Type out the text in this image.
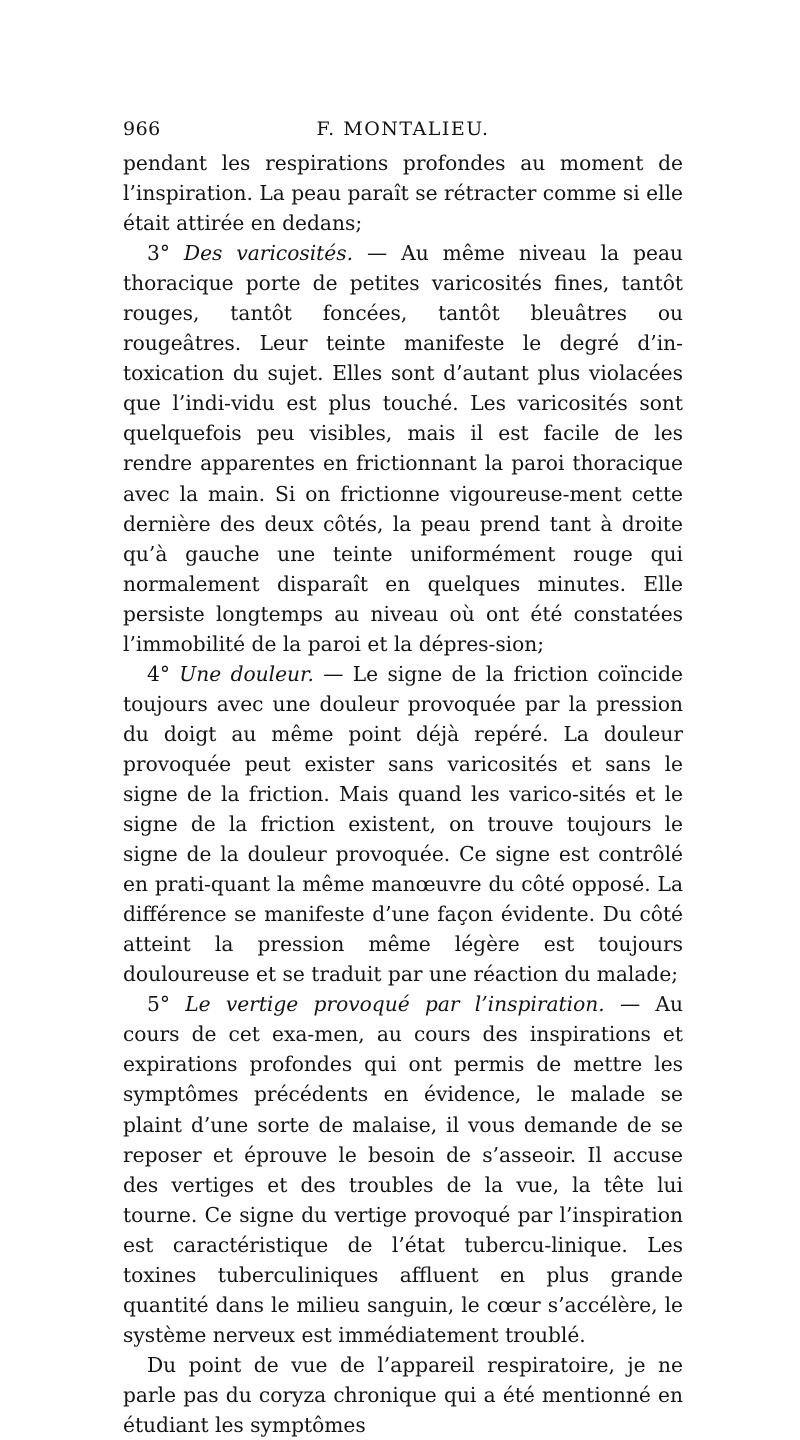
966	F. MONTALIEU.

pendant les respirations profondes au moment de l’inspiration. La peau paraît se rétracter comme si elle était attirée en dedans;

3° Des varicosités. — Au même niveau la peau thoracique porte de petites varicosités fines, tantôt rouges, tantôt foncées, tantôt bleuâtres ou rougeâtres. Leur teinte manifeste le degré d’in-toxication du sujet. Elles sont d’autant plus violacées que l’indi-vidu est plus touché. Les varicosités sont quelquefois peu visibles, mais il est facile de les rendre apparentes en frictionnant la paroi thoracique avec la main. Si on frictionne vigoureuse-ment cette dernière des deux côtés, la peau prend tant à droite qu’à gauche une teinte uniformément rouge qui normalement disparaît en quelques minutes. Elle persiste longtemps au niveau où ont été constatées l’immobilité de la paroi et la dépres-sion;

4° Une douleur. — Le signe de la friction coïncide toujours avec une douleur provoquée par la pression du doigt au même point déjà repéré. La douleur provoquée peut exister sans varicosités et sans le signe de la friction. Mais quand les varico-sités et le signe de la friction existent, on trouve toujours le signe de la douleur provoquée. Ce signe est contrôlé en prati-quant la même manœuvre du côté opposé. La différence se manifeste d’une façon évidente. Du côté atteint la pression même légère est toujours douloureuse et se traduit par une réaction du malade;

5° Le vertige provoqué par l’inspiration. — Au cours de cet exa-men, au cours des inspirations et expirations profondes qui ont permis de mettre les symptômes précédents en évidence, le malade se plaint d’une sorte de malaise, il vous demande de se reposer et éprouve le besoin de s’asseoir. Il accuse des vertiges et des troubles de la vue, la tête lui tourne. Ce signe du vertige provoqué par l’inspiration est caractéristique de l’état tubercu-linique. Les toxines tuberculiniques affluent en plus grande quantité dans le milieu sanguin, le cœur s’accélère, le système nerveux est immédiatement troublé.

Du point de vue de l’appareil respiratoire, je ne parle pas du coryza chronique qui a été mentionné en étudiant les symptômes
